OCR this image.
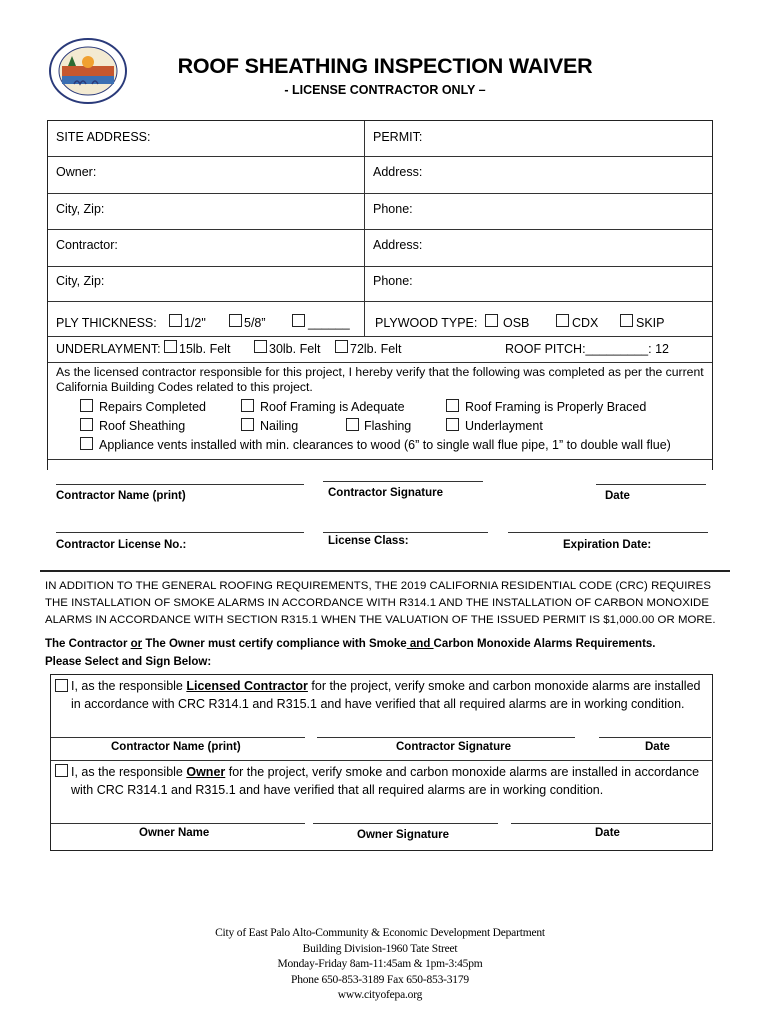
ROOF SHEATHING INSPECTION WAIVER
- LICENSE CONTRACTOR ONLY –
SITE ADDRESS:	PERMIT:
Owner:	Address:
City, Zip:	Phone:
Contractor:	Address:
City, Zip:	Phone:
PLY THICKNESS: 1/2"	5/8”	______ PLYWOOD TYPE: OSB	CDX	SKIP
UNDERLAYMENT: 15lb. Felt	30lb. Felt 72lb. Felt	ROOF PITCH:_________: 12
As the licensed contractor responsible for this project, I hereby verify that the following was completed as per the current California Building Codes related to this project.
Repairs Completed	Roof Framing is Adequate	Roof Framing is Properly Braced
Roof Sheathing	Nailing	Flashing	Underlayment
Appliance vents installed with min. clearances to wood (6” to single wall flue pipe, 1” to double wall flue)
Contractor Name (print)	Contractor Signature	Date
Contractor License No.:	License Class:	Expiration Date:
IN ADDITION TO THE GENERAL ROOFING REQUIREMENTS, THE 2019 CALIFORNIA RESIDENTIAL CODE (CRC) REQUIRES THE INSTALLATION OF SMOKE ALARMS IN ACCORDANCE WITH R314.1 AND THE INSTALLATION OF CARBON MONOXIDE ALARMS IN ACCORDANCE WITH SECTION R315.1 WHEN THE VALUATION OF THE ISSUED PERMIT IS $1,000.00 OR MORE.
The Contractor or The Owner must certify compliance with Smoke and Carbon Monoxide Alarms Requirements.
Please Select and Sign Below:
I, as the responsible Licensed Contractor for the project, verify smoke and carbon monoxide alarms are installed
in accordance with CRC R314.1 and R315.1 and have verified that all required alarms are in working condition.
Contractor Name (print)	Contractor Signature	Date
I, as the responsible Owner for the project, verify smoke and carbon monoxide alarms are installed in accordance
with CRC R314.1 and R315.1 and have verified that all required alarms are in working condition.
Owner Name	Owner Signature	Date
City of East Palo Alto-Community & Economic Development Department
Building Division-1960 Tate Street
Monday-Friday 8am-11:45am & 1pm-3:45pm
Phone 650-853-3189 Fax 650-853-3179
www.cityofepa.org
